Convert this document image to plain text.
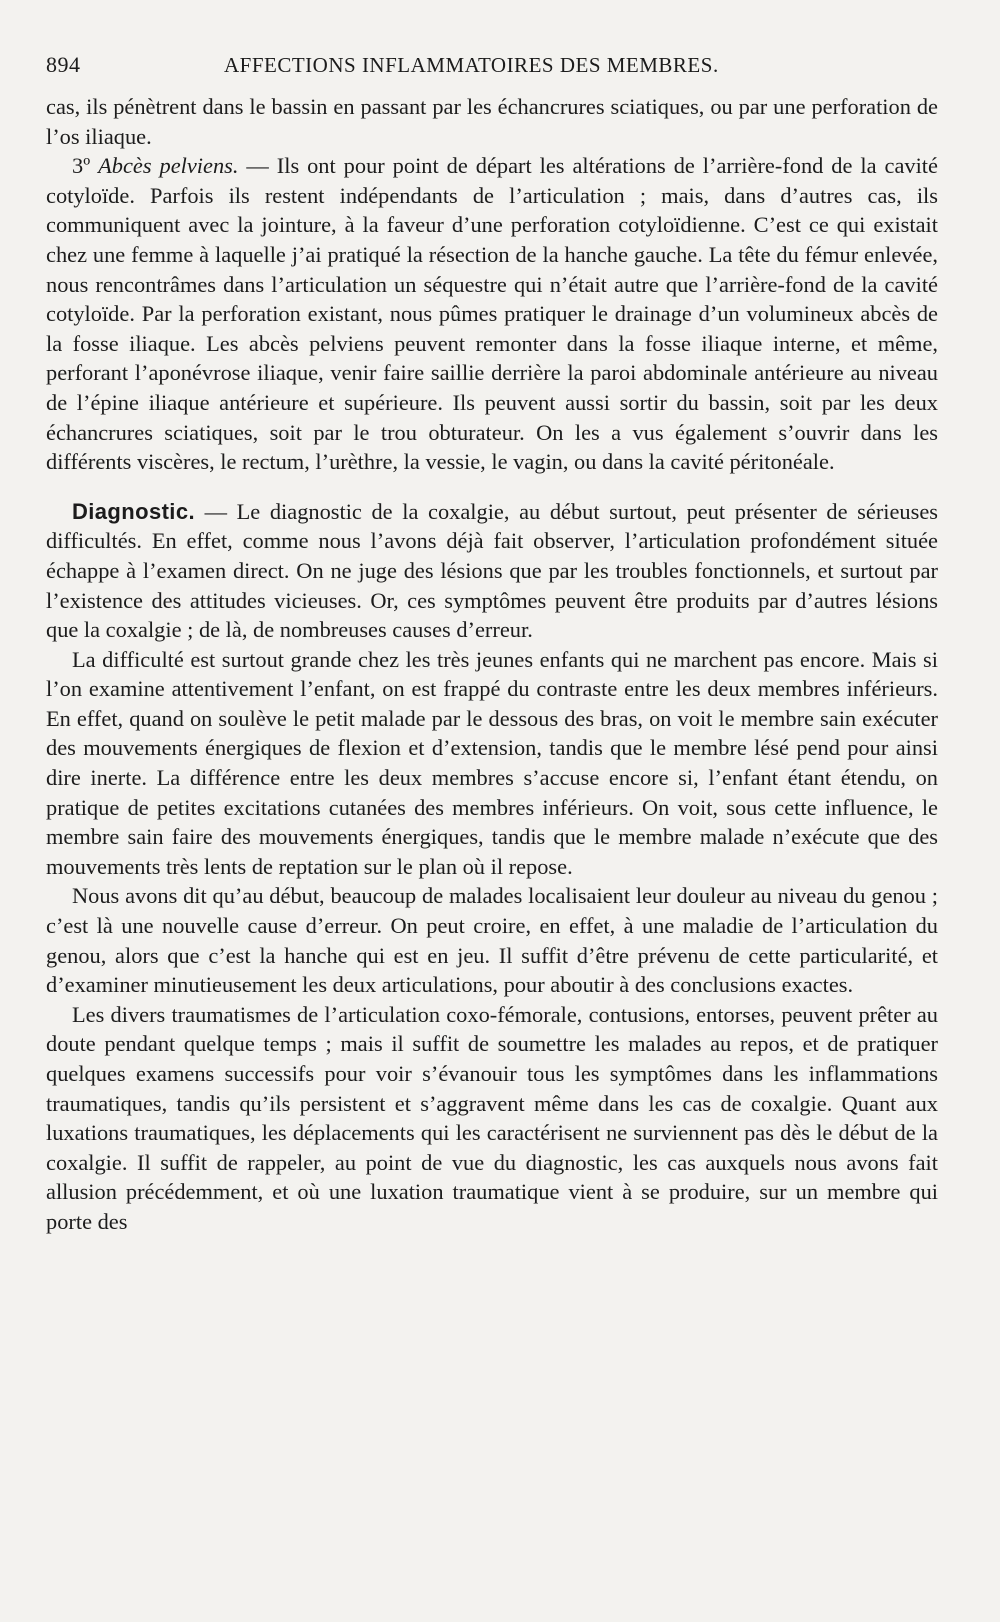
894	AFFECTIONS INFLAMMATOIRES DES MEMBRES.

cas, ils pénètrent dans le bassin en passant par les échancrures sciatiques, ou par une perforation de l’os iliaque.

3º Abcès pelviens. — Ils ont pour point de départ les altérations de l’arrière-fond de la cavité cotyloïde. Parfois ils restent indépendants de l’articulation ; mais, dans d’autres cas, ils communiquent avec la jointure, à la faveur d’une perforation cotyloïdienne. C’est ce qui existait chez une femme à laquelle j’ai pratiqué la résection de la hanche gauche. La tête du fémur enlevée, nous rencontrâmes dans l’articulation un séquestre qui n’était autre que l’arrière-fond de la cavité cotyloïde. Par la perforation existant, nous pûmes pratiquer le drainage d’un volumineux abcès de la fosse iliaque. Les abcès pelviens peuvent remonter dans la fosse iliaque interne, et même, perforant l’aponévrose iliaque, venir faire saillie derrière la paroi abdominale antérieure au niveau de l’épine iliaque antérieure et supérieure. Ils peuvent aussi sortir du bassin, soit par les deux échancrures sciatiques, soit par le trou obturateur. On les a vus également s’ouvrir dans les différents viscères, le rectum, l’urèthre, la vessie, le vagin, ou dans la cavité péritonéale.

Diagnostic. — Le diagnostic de la coxalgie, au début surtout, peut présenter de sérieuses difficultés. En effet, comme nous l’avons déjà fait observer, l’articulation profondément située échappe à l’examen direct. On ne juge des lésions que par les troubles fonctionnels, et surtout par l’existence des attitudes vicieuses. Or, ces symptômes peuvent être produits par d’autres lésions que la coxalgie ; de là, de nombreuses causes d’erreur.

La difficulté est surtout grande chez les très jeunes enfants qui ne marchent pas encore. Mais si l’on examine attentivement l’enfant, on est frappé du contraste entre les deux membres inférieurs. En effet, quand on soulève le petit malade par le dessous des bras, on voit le membre sain exécuter des mouvements énergiques de flexion et d’extension, tandis que le membre lésé pend pour ainsi dire inerte. La différence entre les deux membres s’accuse encore si, l’enfant étant étendu, on pratique de petites excitations cutanées des membres inférieurs. On voit, sous cette influence, le membre sain faire des mouvements énergiques, tandis que le membre malade n’exécute que des mouvements très lents de reptation sur le plan où il repose.

Nous avons dit qu’au début, beaucoup de malades localisaient leur douleur au niveau du genou ; c’est là une nouvelle cause d’erreur. On peut croire, en effet, à une maladie de l’articulation du genou, alors que c’est la hanche qui est en jeu. Il suffit d’être prévenu de cette particularité, et d’examiner minutieusement les deux articulations, pour aboutir à des conclusions exactes.

Les divers traumatismes de l’articulation coxo-fémorale, contusions, entorses, peuvent prêter au doute pendant quelque temps ; mais il suffit de soumettre les malades au repos, et de pratiquer quelques examens successifs pour voir s’évanouir tous les symptômes dans les inflammations traumatiques, tandis qu’ils persistent et s’aggravent même dans les cas de coxalgie. Quant aux luxations traumatiques, les déplacements qui les caractérisent ne surviennent pas dès le début de la coxalgie. Il suffit de rappeler, au point de vue du diagnostic, les cas auxquels nous avons fait allusion précédemment, et où une luxation traumatique vient à se produire, sur un membre qui porte des
